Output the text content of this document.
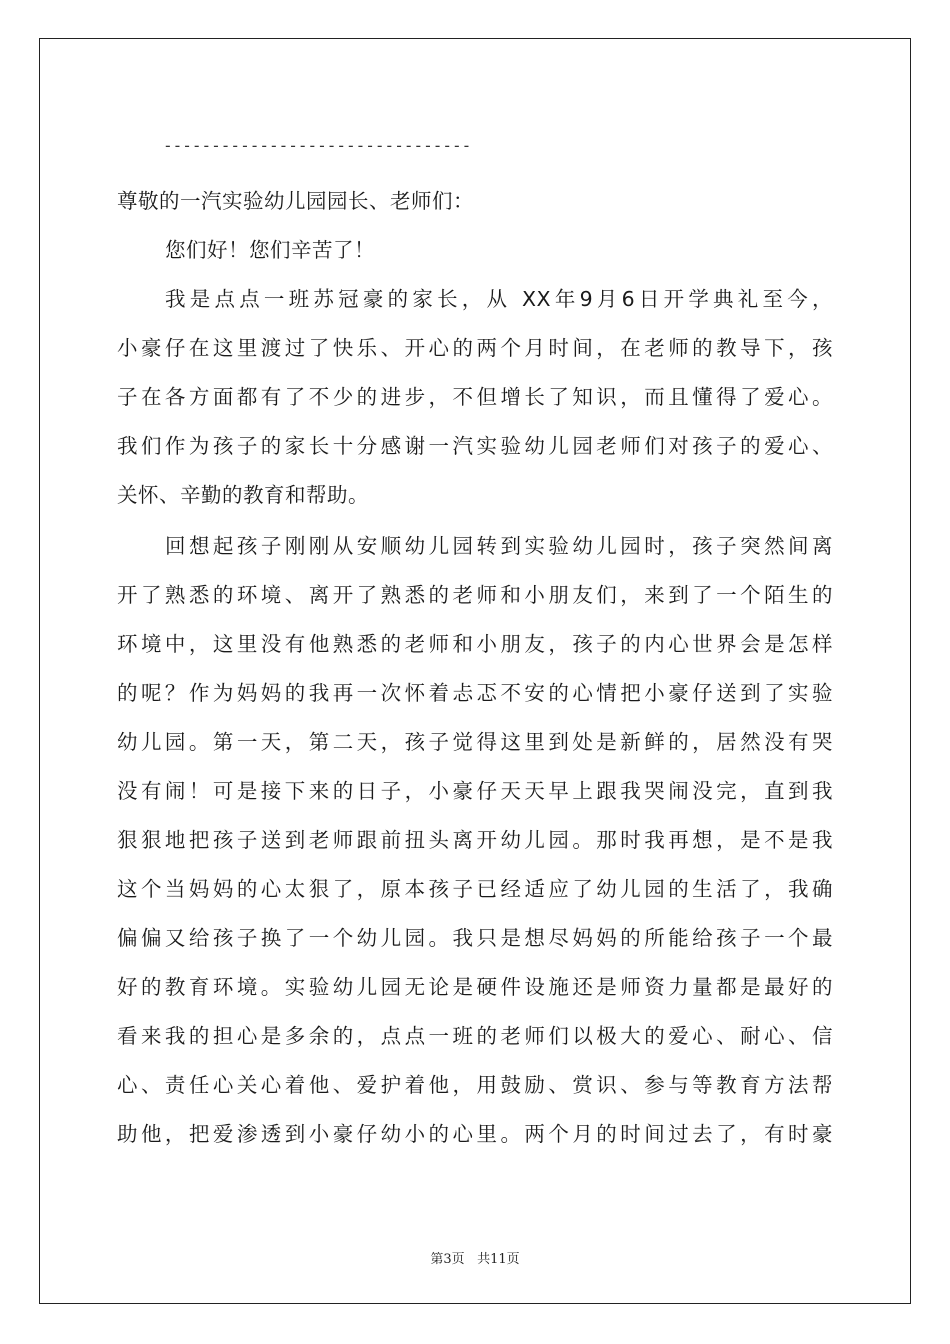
--------------------------------
尊敬的一汽实验幼儿园园长、老师们：
您们好！您们辛苦了！
我是点点一班苏冠豪的家长，从 XX年9月6日开学典礼至今，
小豪仔在这里渡过了快乐、开心的两个月时间，在老师的教导下，孩
子在各方面都有了不少的进步，不但增长了知识，而且懂得了爱心。
我们作为孩子的家长十分感谢一汽实验幼儿园老师们对孩子的爱心、
关怀、辛勤的教育和帮助。
回想起孩子刚刚从安顺幼儿园转到实验幼儿园时，孩子突然间离
开了熟悉的环境、离开了熟悉的老师和小朋友们，来到了一个陌生的
环境中，这里没有他熟悉的老师和小朋友，孩子的内心世界会是怎样
的呢？作为妈妈的我再一次怀着忐忑不安的心情把小豪仔送到了实验
幼儿园。第一天，第二天，孩子觉得这里到处是新鲜的，居然没有哭
没有闹！可是接下来的日子，小豪仔天天早上跟我哭闹没完，直到我
狠狠地把孩子送到老师跟前扭头离开幼儿园。那时我再想，是不是我
这个当妈妈的心太狠了，原本孩子已经适应了幼儿园的生活了，我确
偏偏又给孩子换了一个幼儿园。我只是想尽妈妈的所能给孩子一个最
好的教育环境。实验幼儿园无论是硬件设施还是师资力量都是最好的
看来我的担心是多余的，点点一班的老师们以极大的爱心、耐心、信
心、责任心关心着他、爱护着他，用鼓励、赏识、参与等教育方法帮
助他，把爱渗透到小豪仔幼小的心里。两个月的时间过去了，有时豪
第3页 共11页
